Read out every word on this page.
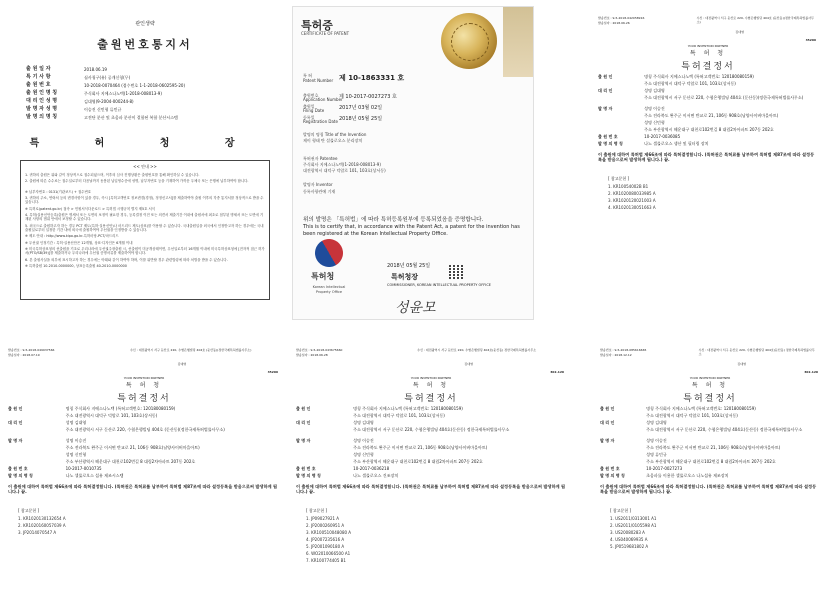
관인생략
출원번호통지서
특 허 청 장
<< 안내 >>
1. 귀하의 출원은 위와 같이 정상적으로 접수되었으며, 이후의 심사 진행상황은 출원번호를 통해 확인하실 수 있습니다.
2. 출원에 따른 수수료는 접수일로부터 다음날까지 동봉된 납입영수증에 성명, 납부자번호 등을 기재하여 가까운 우체국 또는 은행에 납부하여야 합니다.
※ 납부자번호 : 0131(기관코드) + 접수번호
3. 귀하의 주소, 연락처 등의 변경사항이 있을 경우, 즉시 [특허고객번호 정보변경(경정), 정정신고서]를 제출하여야 출원 이후의 각종 통지서를 정상적으로 받을 수 있습니다.
※ 특허로(patent.go.kr) 접속 > 민원서식다운로드 > 특허법 시행규칙 별지 제5호 서식
4. 특허(실용신안등록)출원은 명세서 또는 도면의 보정이 필요한 경우, 등록결정 이전 또는 의견서 제출기간 이내에 출원서에 최초로 첨부된 명세서 또는 도면에 기재된 사항의 범위 안에서 보정할 수 있습니다.
5. 외국으로 출원하고자 하는 경우 PCT 제도(특허·실용신안)나 마드리드 제도(상표)를 이용할 수 있습니다. 국내출원일을 외국에서 인정받고자 하는 경우에는 국내출원일로부터 일정한 기간 내에 외국에 출원하여야 우선권을 인정받을 수 있습니다.
※ 제도 안내 : http://www.kipo.go.kr-특허마당-PCT/마드리드
※ 우선권 인정기간 : 특허·실용신안은 12개월, 상표·디자인은 6개월 이내
※ 미국특허상표청의 선출원을 기초로 우리나라에 우선권주장출원 시, 선출원이 미공개상태이면, 우선일로부터 16개월 이내에 미국특허상표청에 [전자적 접근 허가서(PTO/SB/39)]를 제출하거나 우리나라에 우선권 증명서류를 제출하여야 합니다.
6. 본 출원사실을 외부에 표시하고자 하는 경우에는 아래와 같이 하여야 하며, 이를 위반할 경우 관련법령에 따라 처벌을 받을 수 있습니다.
※ 특허출원 10-2010-0000000, 상표등록출원 40-2010-0000000
출 원 일 자	2018.06.19
특 기 사 항	심사청구(유) 공개신청(무)
출 원 번 호	10-2018-0070464 (접수번호 1-1-2018-0602595-20)
출 원 인 명 칭	주식회사 지에스나노텍(1-2018-008013-9)
대 리 인 성 명	김대영(9-2004-000244-8)
발 명 자 성 명	이승진 신민형 류민규
발 명 의 명 칭	고전단 분산 및 초음파 분산이 결합된 복합 분산시스템
특허증
CERTIFICATE OF PATENT
특 허
Patent Number 제 10-1863331 호
발명의 명칭 Title of the Invention
제이 형태 탄 설룰로오스 분리장치
특허권자 Patentee
주식회사 지에스나노텍(1-2018-008013-9)
대전광역시 대덕구 덕암로 101, 103호(상서동)
발명자 Inventor
등록사항란에 기재
위의 발명은 「특허법」에 따라 특허등록원부에 등록되었음을 증명합니다.
This is to certify that, in accordance with the Patent Act, a patent for the invention has been registered at the Korean Intellectual Property Office.
특허청
Korean Intellectual Property Office
2018년 05월 25일
특허청장
COMMISSIONER, KOREAN INTELLECTUAL PROPERTY OFFICE
성윤모
출원번호
Application Number
제 10-2017-0027273 호
출원일
Filing Date	2017년 03월 02일
등록일
Registration Date 2018년 05월 25일
발송번호 : 9-5-2018-042058916
발송일자 : 2018.06.26
수신 : 대전광역시 서구 둔산로 220, 수협은행빌딩 404호 (둔산동)(정한국제특허법률사무소)
김대영
35209
YOUR INVENTION PARTNER
특 허 청
특허결정서
출 원 인	명칭 주식회사 지에스나노텍 (특허고객번호: 120180080159)
주소 대전광역시 대덕구 덕암로 101, 103호(상서동)
대 리 인	성명 김대영
주소 대전광역시 서구 둔산로 220, 수협은행빌딩 404호 (둔산동)(정한국제특허법률사무소)
발 명 자	성명 이승진
주소 전라북도 완주군 이서면 반교로 21, 106동 908호(남양사이버마을아트)
성명 신민형
주소 부산광역시 해운대구 대천로102번길 8 대림2차아파트 207동 202호
출 원 번 호	10-2017-0036085
발 명 의 명 칭	나노 셀룰로오스 생산 및 필터링 장치
이 출원에 대하여 특허법 제66조에 따라 특허결정합니다. (특허권은 특허료를 납부하여 특허법 제87조에 따라 설정등록을 받음으로써 발생하게 됩니다.) 끝.
[ 참고문헌 ]
1. KR10054002B B1
2. KR1020080033985 A
3. KR1020120021003 A
4. KR1020130051663 A
발송번호 : 9-5-2018-049937566
발송일자 : 2018.07.19
수신 : 대전광역시 서구 둔산로 220, 수협은행빌딩 404호 (둔산동)(정한국제특허법률사무소)
김대영
35209
YOUR INVENTION PARTNER
특 허 청
특허결정서
출 원 인	명칭 주식회사 지에스나노텍 (특허고객번호: 120180080159)
주소 대전광역시 대덕구 덕암로 101, 103호(상서동)
대 리 인	성명 김대영
주소 대전광역시 서구 둔산로 220, 수협은행빌딩 404호 (둔산동)(정한국제특허법률사무소)
발 명 자	성명 이승진
주소 전라북도 완주군 이서면 반교로 21, 106동 908호(남양사이버마을아트)
성명 신민형
주소 부산광역시 해운대구 대천로102번길 8 대림2차아파트 207동 202호
출 원 번 호	10-2017-0010735
발 명 의 명 칭	나노 셀룰로오스 섬유 제조시스템
이 출원에 대하여 특허법 제66조에 따라 특허결정합니다. (특허권은 특허료를 납부하여 특허법 제87조에 따라 설정등록을 받음으로써 발생하게 됩니다.) 끝.
[ 참고문헌 ]
1. KR1020130132654 A
2. KR1020160057039 A
3. JP2014070547 A
발송번호 : 9-5-2018-043675660
발송일자 : 2018.06.28
수신 : 대전광역시 서구 둔산로 220, 수협은행빌딩 404호(둔산동) 정한국제특허법률사무소
김대영
302-120
YOUR INVENTION PARTNER
특 허 청
특허결정서
출 원 인	명칭 주식회사 지에스나노텍 (특허고객번호: 120180080159)
주소 대전광역시 대덕구 덕암로 101, 103호(상서동)
대 리 인	성명 김대영
주소 대전광역시 서구 둔산로 220, 수협은행빌딩 404호(둔산동) 정한국제특허법률사무소
발 명 자	성명 이승진
주소 전라북도 완주군 이서면 반교로 21, 106동 908호(남양사이버마을아트)
성명 신민형
주소 부산광역시 해운대구 대천로102번길 8 대림2차아파트 207동 202호
출 원 번 호	10-2017-0036218
발 명 의 명 칭	나노 셀룰로오스 건조장치
이 출원에 대하여 특허법 제66조에 따라 특허결정합니다. (특허권은 특허료를 납부하여 특허법 제87조에 따라 설정등록을 받음으로써 발생하게 됩니다.) 끝.
[ 참고문헌 ]
1. JP09027921 A
2. JP2000260951 A
3. KR100510048080 A
4. JP2007235616 A
5. JP2001090180 A
6. WO2010066500 A1
7. KR100774405 B1
발송번호 : 9-5-2018-085616665
발송일자 : 2018.12.12
수신 : 대전광역시 서구 둔산로 220, 수협은행빌딩 404호(둔산동) 정한국제특허법률사무소
김대영
302-120
YOUR INVENTION PARTNER
특 허 청
특허결정서
출 원 인	명칭 주식회사 지에스나노텍 (특허고객번호: 120180080159)
주소 대전광역시 대덕구 덕암로 101, 103호(상서동)
대 리 인	성명 김대영
주소 대전광역시 서구 둔산로 220, 수협은행빌딩 404호(둔산동) 정한국제특허법률사무소
발 명 자	성명 이승진
주소 전라북도 완주군 이서면 반교로 21, 106동 908호(남양사이버마을아트)
성명 류민규
주소 부산광역시 해운대구 대천로102번길 8 대림2차아파트 207동 202호
출 원 번 호	10-2017-0027273
발 명 의 명 칭	초음파를 이용한 셀룰로오스 나노섬유 제조장치
이 출원에 대하여 특허법 제66조에 따라 특허결정합니다. (특허권은 특허료를 납부하여 특허법 제87조에 따라 설정등록을 받음으로써 발생하게 됩니다.) 끝.
[ 참고문헌 ]
1. US2011/0313001 A1
2. US2011/0105598 A1
3. US20080283 A
4. US040069935 A
5. JP0519681802 A
